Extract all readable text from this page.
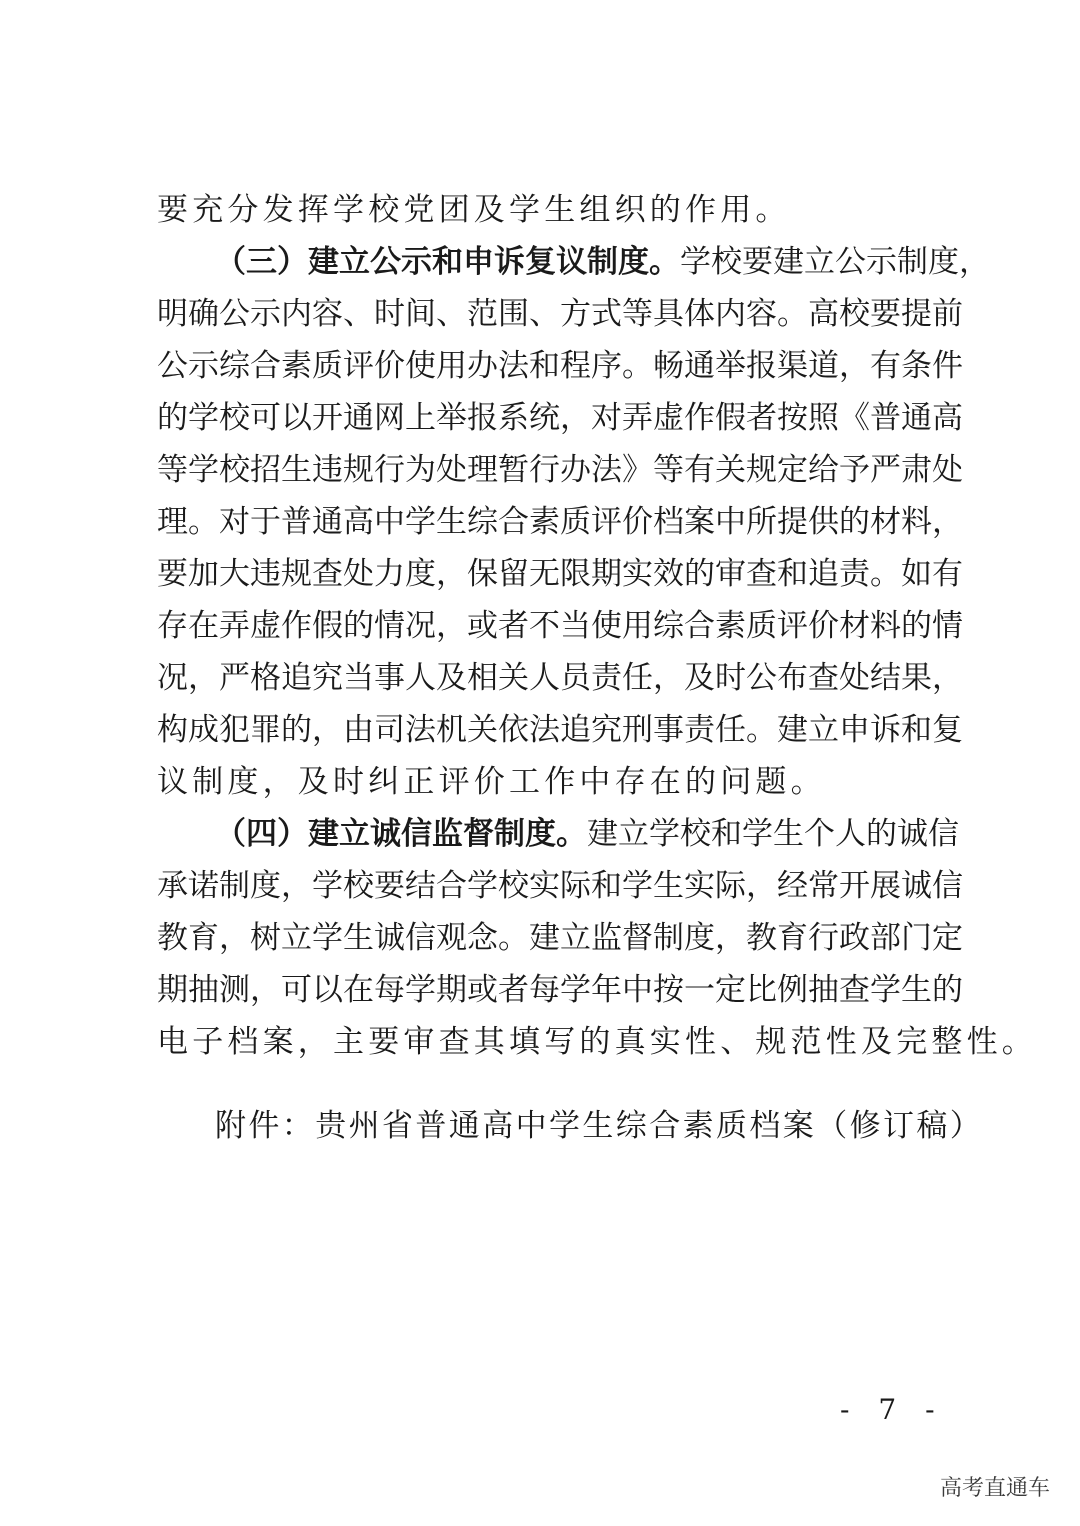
要充分发挥学校党团及学生组织的作用。
（三）建立公示和申诉复议制度。学校要建立公示制度，
明确公示内容、时间、范围、方式等具体内容。高校要提前
公示综合素质评价使用办法和程序。畅通举报渠道，有条件
的学校可以开通网上举报系统，对弄虚作假者按照《普通高
等学校招生违规行为处理暂行办法》等有关规定给予严肃处
理。对于普通高中学生综合素质评价档案中所提供的材料，
要加大违规查处力度，保留无限期实效的审查和追责。如有
存在弄虚作假的情况，或者不当使用综合素质评价材料的情
况，严格追究当事人及相关人员责任，及时公布查处结果，
构成犯罪的，由司法机关依法追究刑事责任。建立申诉和复
议制度，及时纠正评价工作中存在的问题。
（四）建立诚信监督制度。建立学校和学生个人的诚信
承诺制度，学校要结合学校实际和学生实际，经常开展诚信
教育，树立学生诚信观念。建立监督制度，教育行政部门定
期抽测，可以在每学期或者每学年中按一定比例抽查学生的
电子档案，主要审查其填写的真实性、规范性及完整性。
附件：贵州省普通高中学生综合素质档案（修订稿）
- 7 -
高考直通车
